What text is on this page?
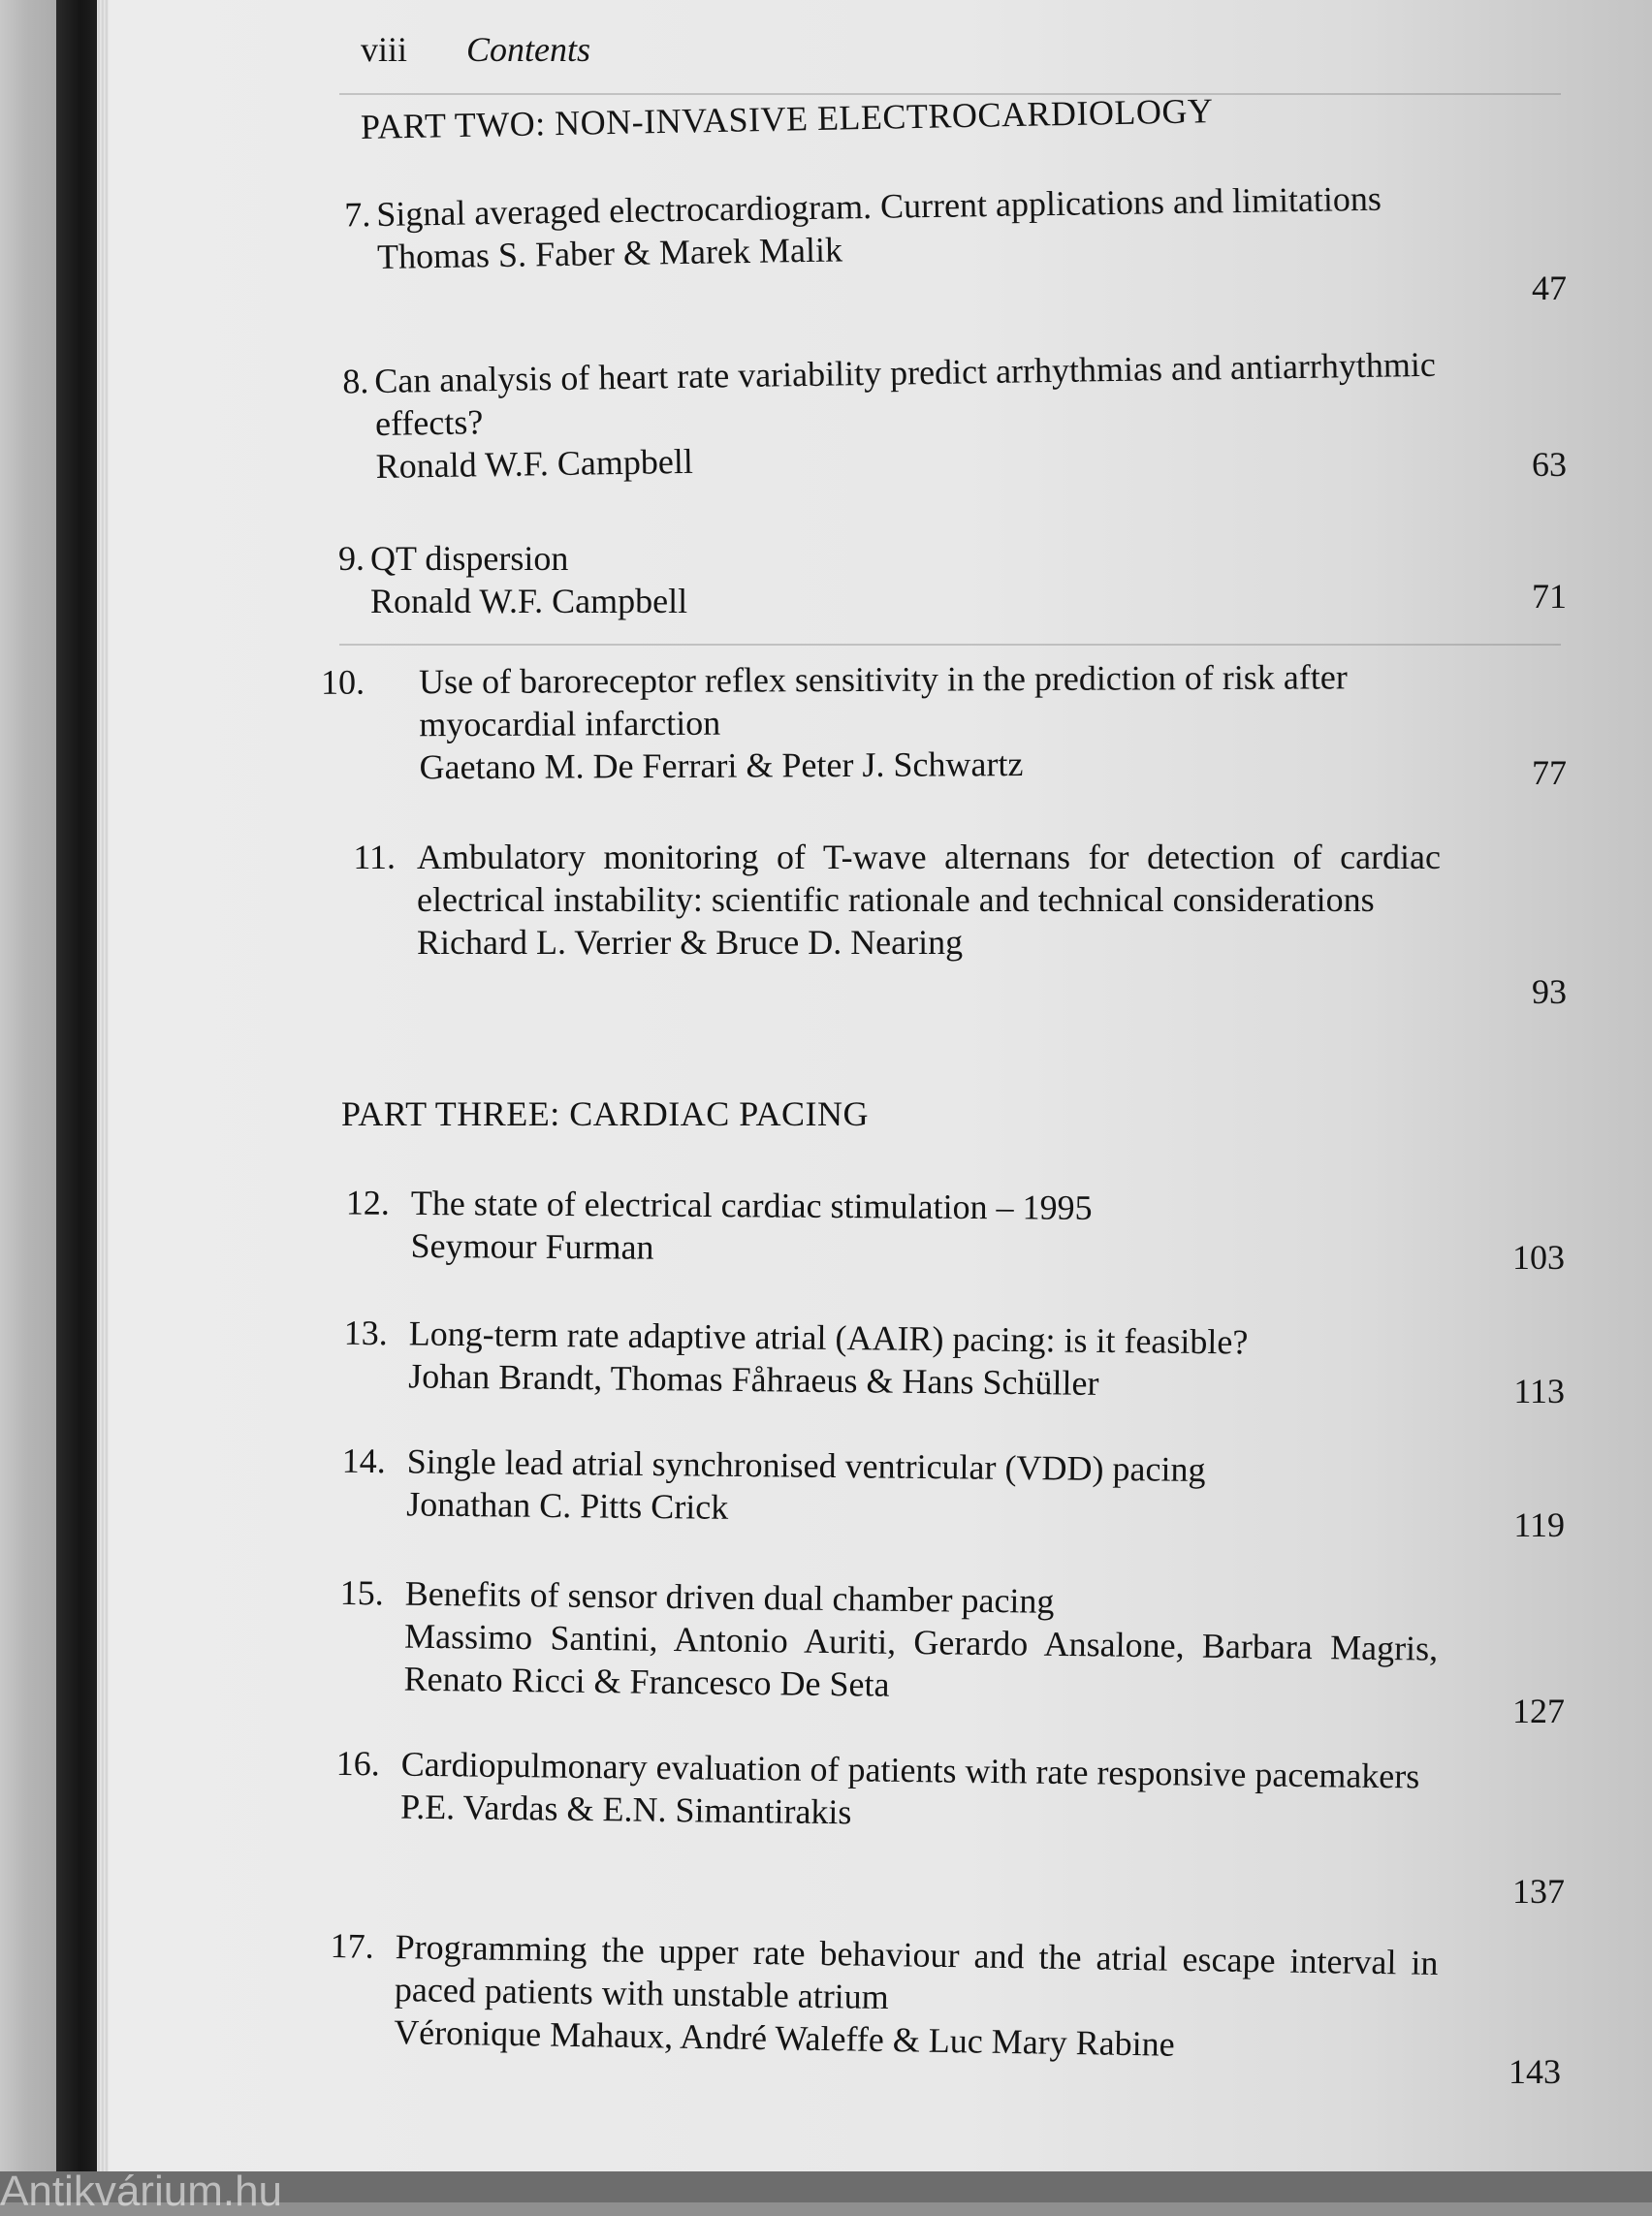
viii Contents
PART TWO: NON-INVASIVE ELECTROCARDIOLOGY
7. Signal averaged electrocardiogram. Current applications and limitations
Thomas S. Faber & Marek Malik
47
8. Can analysis of heart rate variability predict arrhythmias and antiarrhythmic effects?
Ronald W.F. Campbell	63
9. QT dispersion
Ronald W.F. Campbell	71
10. Use of baroreceptor reflex sensitivity in the prediction of risk after myocardial infarction
Gaetano M. De Ferrari & Peter J. Schwartz	77
11. Ambulatory monitoring of T-wave alternans for detection of cardiac electrical instability: scientific rationale and technical considerations
Richard L. Verrier & Bruce D. Nearing
93
PART THREE: CARDIAC PACING
12. The state of electrical cardiac stimulation – 1995
Seymour Furman	103
13. Long-term rate adaptive atrial (AAIR) pacing: is it feasible?
Johan Brandt, Thomas Fåhraeus & Hans Schüller	113
14. Single lead atrial synchronised ventricular (VDD) pacing
Jonathan C. Pitts Crick	119
15. Benefits of sensor driven dual chamber pacing
Massimo Santini, Antonio Auriti, Gerardo Ansalone, Barbara Magris, Renato Ricci & Francesco De Seta
127
16. Cardiopulmonary evaluation of patients with rate responsive pacemakers
P.E. Vardas & E.N. Simantirakis
137
17. Programming the upper rate behaviour and the atrial escape interval in paced patients with unstable atrium
Véronique Mahaux, André Waleffe & Luc Mary Rabine
143
Antikvárium.hu
